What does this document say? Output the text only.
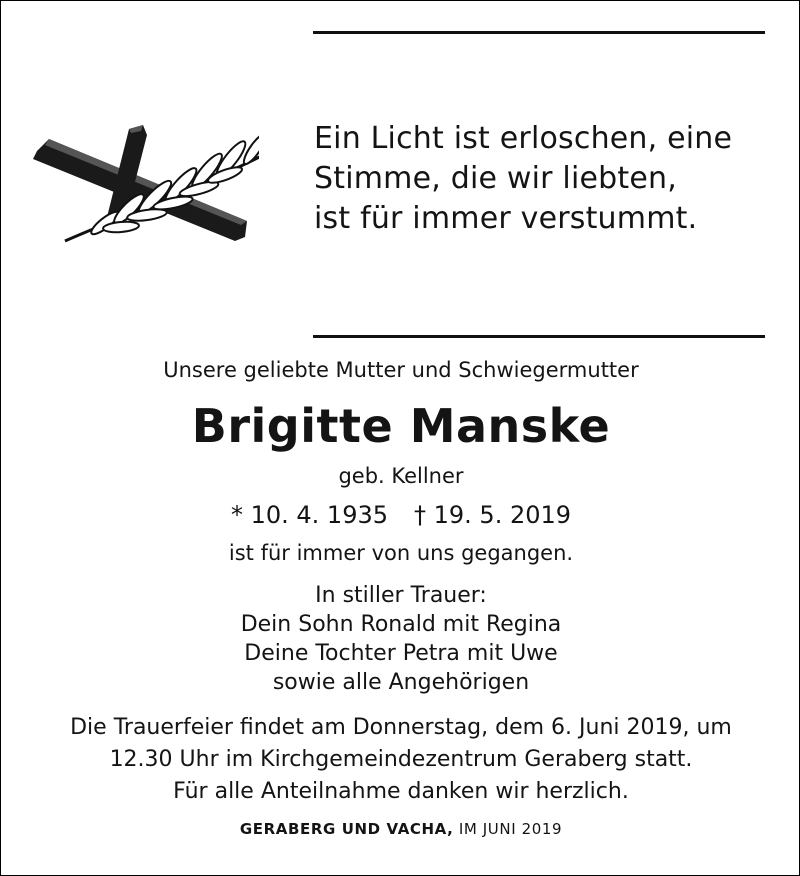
Ein Licht ist erloschen, eine
Stimme, die wir liebten,
ist für immer verstummt.
Unsere geliebte Mutter und Schwiegermutter
Brigitte Manske
geb. Kellner
* 10. 4. 1935 † 19. 5. 2019
ist für immer von uns gegangen.
In stiller Trauer:
Dein Sohn Ronald mit Regina
Deine Tochter Petra mit Uwe
sowie alle Angehörigen
Die Trauerfeier findet am Donnerstag, dem 6. Juni 2019, um
12.30 Uhr im Kirchgemeindezentrum Geraberg statt.
Für alle Anteilnahme danken wir herzlich.
GERABERG UND VACHA, IM JUNI 2019
